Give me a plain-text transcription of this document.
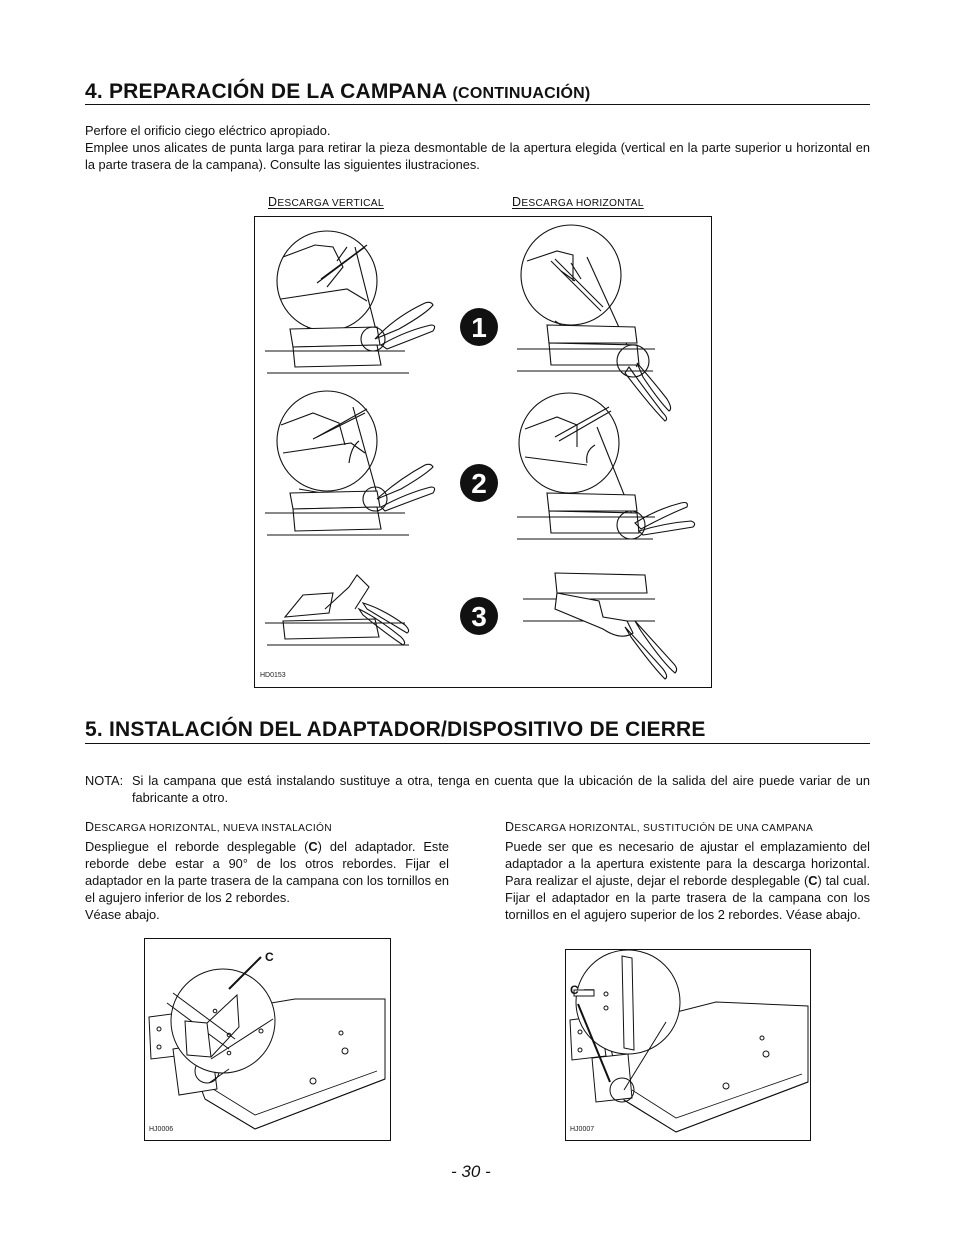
4. PREPARACIÓN DE LA CAMPANA (CONTINUACIÓN)
Perfore el orificio ciego eléctrico apropiado.
Emplee unos alicates de punta larga para retirar la pieza desmontable de la apertura elegida (vertical en la parte superior u horizontal en la parte trasera de la campana). Consulte las siguientes ilustraciones.
DESCARGA VERTICAL	DESCARGA HORIZONTAL
1
2
3
HD0153
5. INSTALACIÓN DEL ADAPTADOR/DISPOSITIVO DE CIERRE
NOTA: Si la campana que está instalando sustituye a otra, tenga en cuenta que la ubicación de la salida del aire puede variar de un fabricante a otro.
DESCARGA HORIZONTAL, NUEVA INSTALACIÓN
Despliegue el reborde desplegable (C) del adaptador. Este reborde debe estar a 90° de los otros rebordes. Fijar el adaptador en la parte trasera de la campana con los tornillos en el agujero inferior de los 2 rebordes.
Véase abajo.
DESCARGA HORIZONTAL, SUSTITUCIÓN DE UNA CAMPANA
Puede ser que es necesario de ajustar el emplazamiento del adaptador a la apertura existente para la descarga horizontal. Para realizar el ajuste, dejar el reborde desplegable (C) tal cual. Fijar el adaptador en la parte trasera de la campana con los tornillos en el agujero superior de los 2 rebordes. Véase abajo.
C
HJ0006
C
HJ0007
- 30 -
